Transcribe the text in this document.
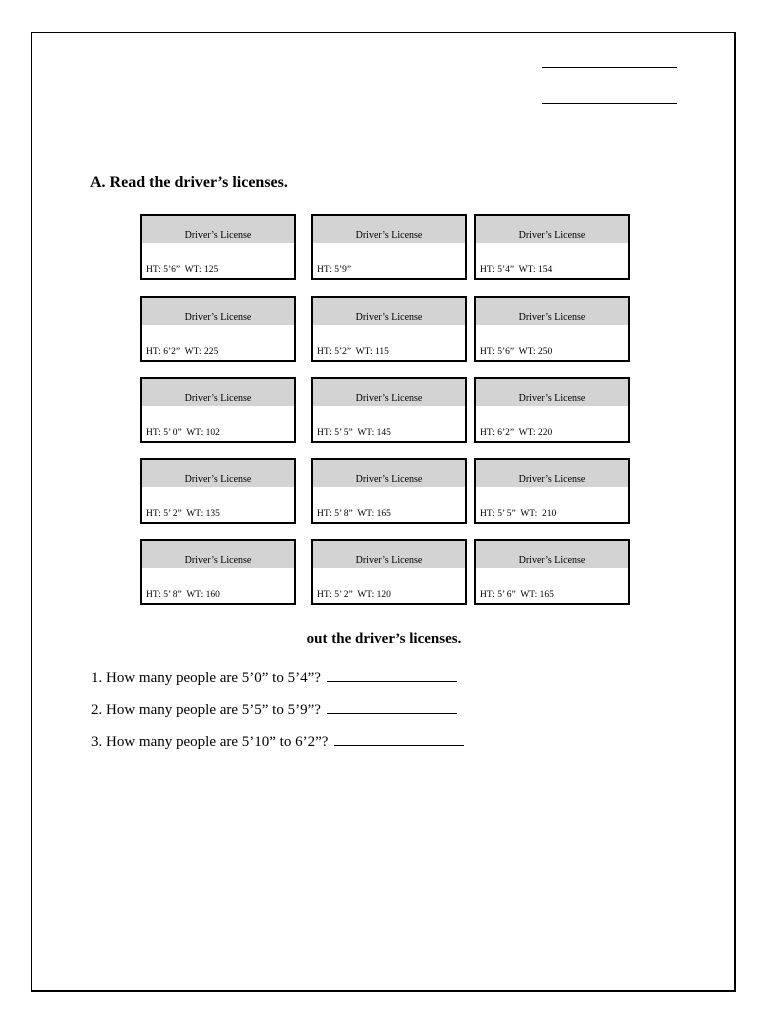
A. Read the driver’s licenses.
Driver’s License
HT: 5’6”  WT: 125
Driver’s License
HT: 5’9”
Driver’s License
HT: 5’4”  WT: 154
Driver’s License
HT: 6’2”  WT: 225
Driver’s License
HT: 5’2”  WT: 115
Driver’s License
HT: 5’6”  WT: 250
Driver’s License
HT: 5’ 0”  WT: 102
Driver’s License
HT: 5’ 5”  WT: 145
Driver’s License
HT: 6’2”  WT: 220
Driver’s License
HT: 5’ 2”  WT: 135
Driver’s License
HT: 5’ 8”  WT: 165
Driver’s License
HT: 5’ 5”  WT:  210
Driver’s License
HT: 5’ 8”  WT: 160
Driver’s License
HT: 5’ 2”  WT: 120
Driver’s License
HT: 5’ 6”  WT: 165
out the driver’s licenses.
1. How many people are 5’0” to 5’4”?
2. How many people are 5’5” to 5’9”?
3. How many people are 5’10” to 6’2”?
